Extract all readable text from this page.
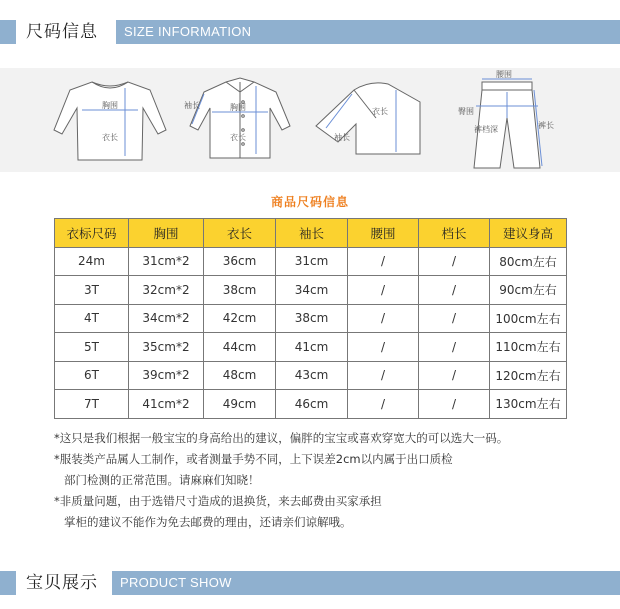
尺码信息 SIZE INFORMATION
胸围
衣长
袖长	胸围
衣长
衣长
袖长
腰围
臀围
裤档深	裤长
商品尺码信息
衣标尺码	胸围	衣长	袖长	腰围	档长	建议身高
24m	31cm*2	36cm	31cm	/	/	80cm左右
3T	32cm*2	38cm	34cm	/	/	90cm左右
4T	34cm*2	42cm	38cm	/	/	100cm左右
5T	35cm*2	44cm	41cm	/	/	110cm左右
6T	39cm*2	48cm	43cm	/	/	120cm左右
7T	41cm*2	49cm	46cm	/	/	130cm左右

*这只是我们根据一般宝宝的身高给出的建议，偏胖的宝宝或喜欢穿宽大的可以选大一码。

*服装类产品属人工制作，或者测量手势不同，上下误差2cm以内属于出口质检

部门检测的正常范围。请麻麻们知晓！

*非质量问题，由于选错尺寸造成的退换货，来去邮费由买家承担

掌柜的建议不能作为免去邮费的理由，还请亲们谅解哦。

宝贝展示 PRODUCT SHOW
